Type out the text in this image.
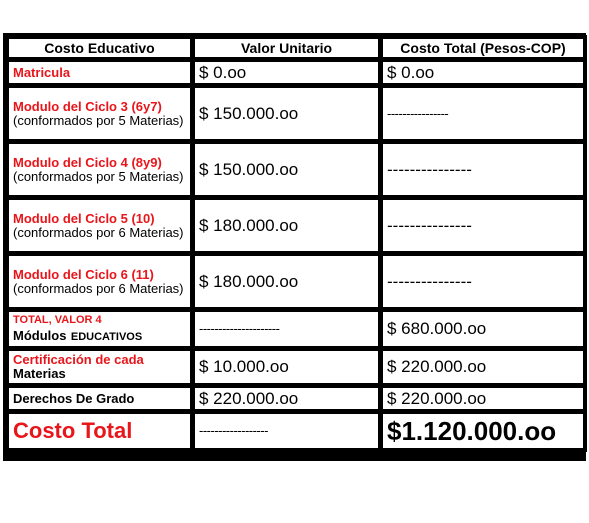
Costo Educativo	Valor Unitario	Costo Total (Pesos-COP)
Matricula	$ 0.oo	$ 0.oo

Modulo del Ciclo 3 (6y7)
(conformados por 5 Materias)	$ 150.000.oo	----------------

Modulo del Ciclo 4 (8y9)
(conformados por 5 Materias)	$ 150.000.oo	---------------

Modulo del Ciclo 5 (10)
(conformados por 6 Materias)	$ 180.000.oo	---------------

Modulo del Ciclo 6 (11)
(conformados por 6 Materias)	$ 180.000.oo	---------------

TOTAL, VALOR 4
Módulos EDUCATIVOS	---------------------	$ 680.000.oo

Certificación de cada
Materias	$ 10.000.oo	$ 220.000.oo
Derechos De Grado	$ 220.000.oo	$ 220.000.oo
Costo Total	------------------	$1.120.000.oo
